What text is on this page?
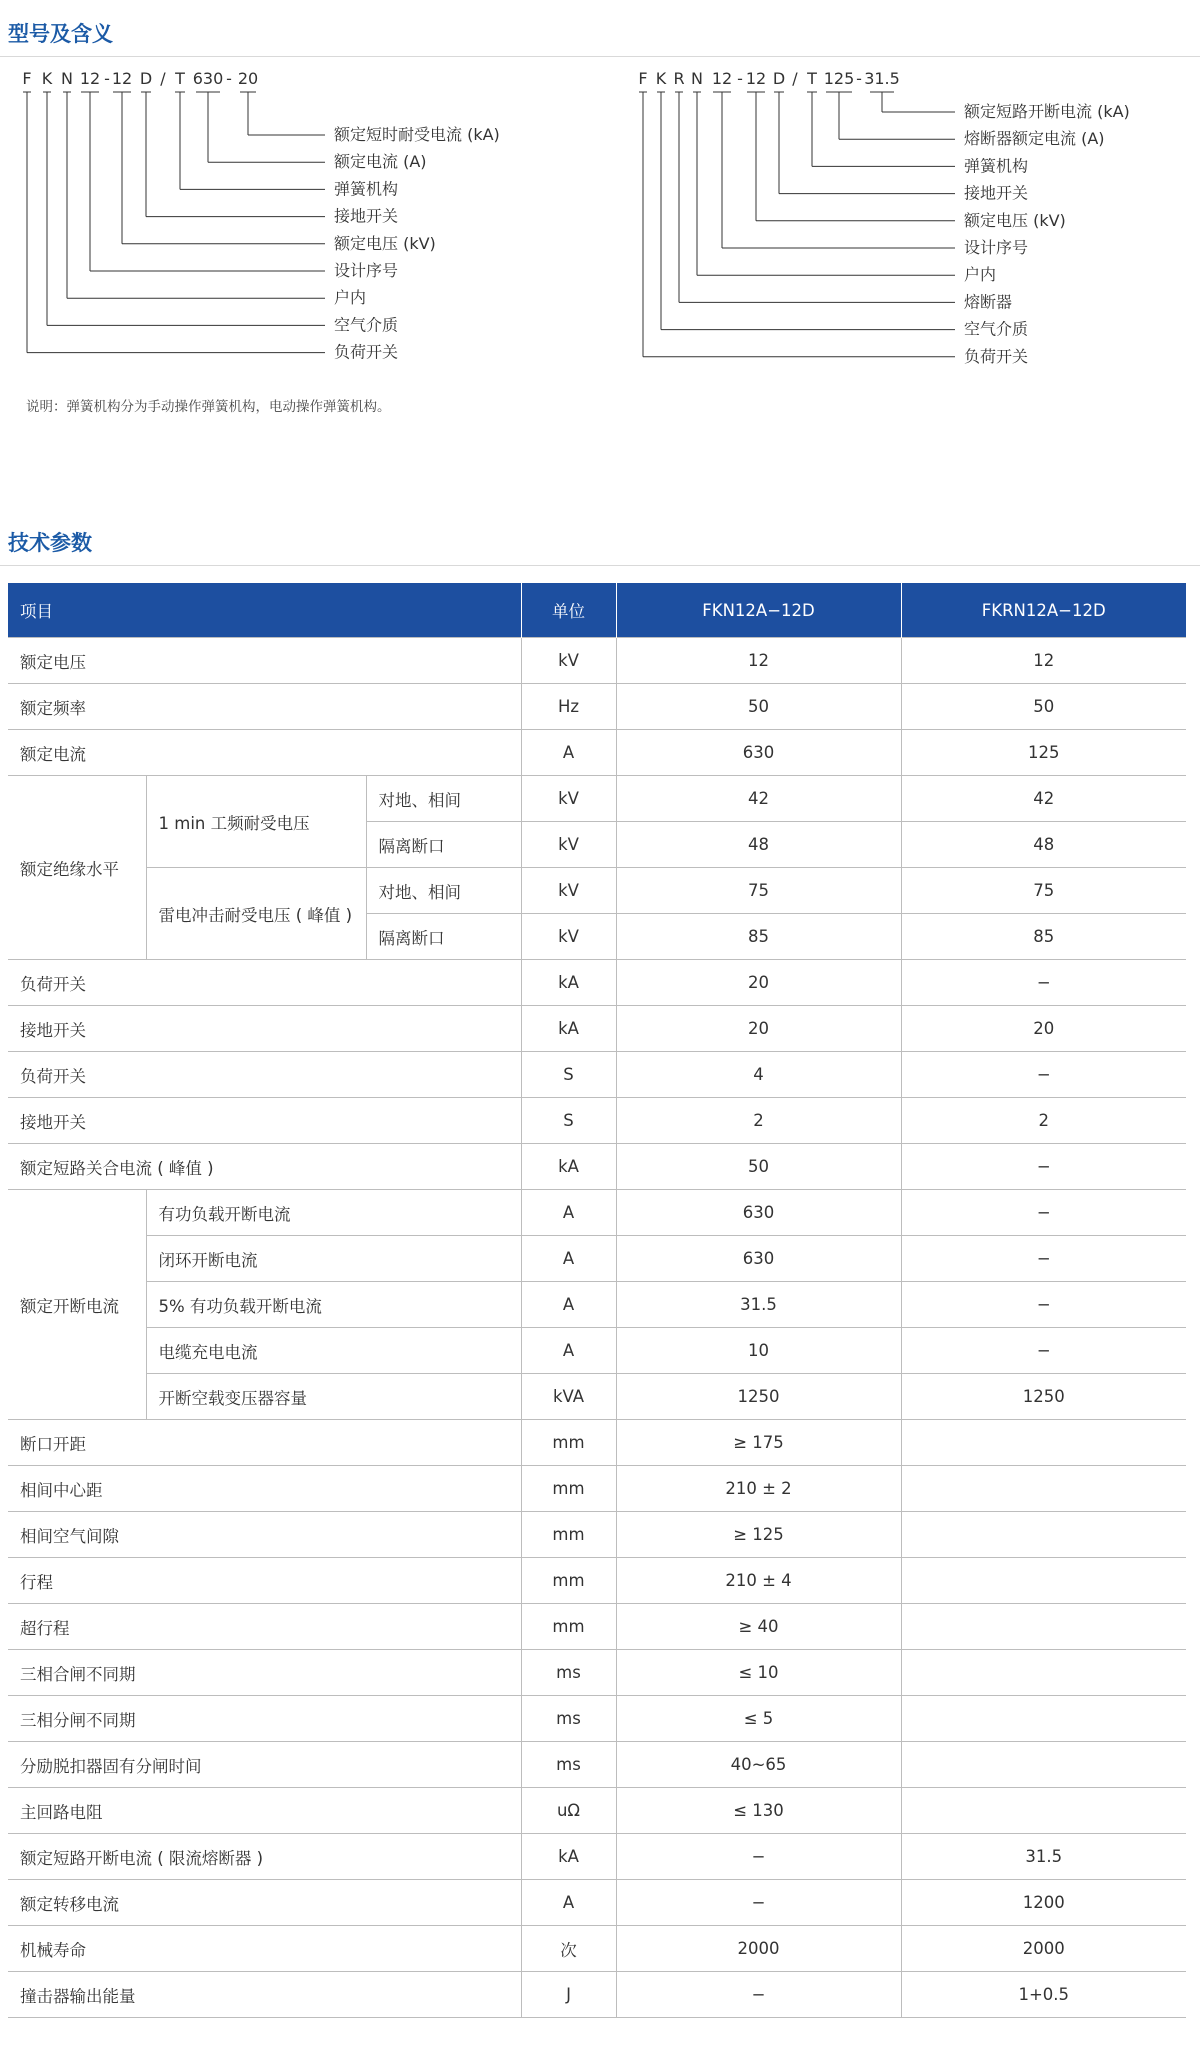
型号及含义
F K N 12 - 12 D / T 630 - 20
额定短时耐受电流 (kA)
额定电流 (A)
弹簧机构
接地开关
额定电压 (kV)
设计序号
户内
空气介质
负荷开关
F K R N 12 - 12 D / T 125 - 31.5
额定短路开断电流 (kA)
熔断器额定电流 (A)
弹簧机构
接地开关
额定电压 (kV)
设计序号
户内
熔断器
空气介质
负荷开关
说明：弹簧机构分为手动操作弹簧机构，电动操作弹簧机构。
技术参数
项目			单位	FKN12A−12D	FKRN12A−12D
额定电压			kV	12	12
额定频率			Hz	50	50
额定电流			A	630	125
额定绝缘水平	1 min 工频耐受电压	对地、相间	kV	42	42
		隔离断口	kV	48	48
	雷电冲击耐受电压 ( 峰值 )	对地、相间	kV	75	75
		隔离断口	kV	85	85
负荷开关			kA	20	−
接地开关			kA	20	20
负荷开关			S	4	−
接地开关			S	2	2
额定短路关合电流 ( 峰值 )			kA	50	−
额定开断电流	有功负载开断电流		A	630	−
	闭环开断电流		A	630	−
	5% 有功负载开断电流		A	31.5	−
	电缆充电电流		A	10	−
	开断空载变压器容量		kVA	1250	1250
断口开距			mm	≥ 175	
相间中心距			mm	210 ± 2	
相间空气间隙			mm	≥ 125	
行程			mm	210 ± 4	
超行程			mm	≥ 40	
三相合闸不同期			ms	≤ 10	
三相分闸不同期			ms	≤ 5	
分励脱扣器固有分闸时间			ms	40~65	
主回路电阻			uΩ	≤ 130	
额定短路开断电流 ( 限流熔断器 )			kA	−	31.5
额定转移电流			A	−	1200
机械寿命			次	2000	2000
撞击器输出能量			J	−	1+0.5
